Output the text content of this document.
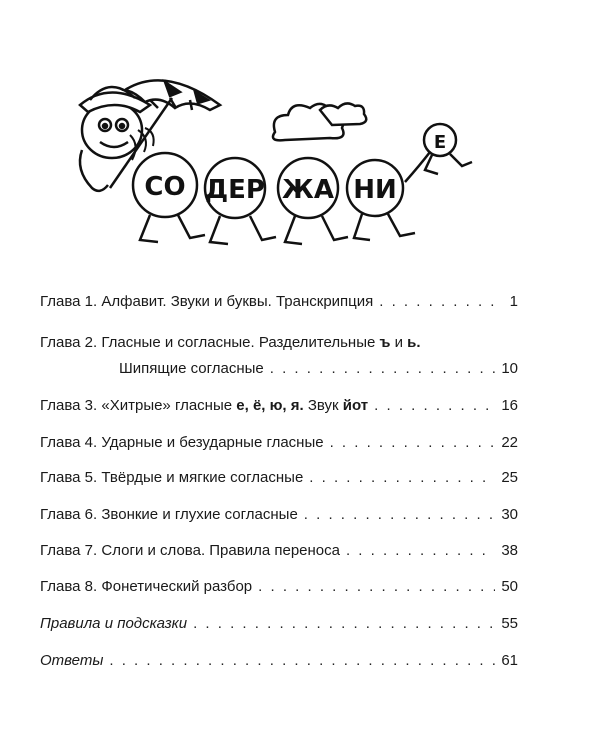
СО ДЕР ЖА НИ
Е
Глава 1. Алфавит. Звуки и буквы. Транскрипция . . .	1
Глава 2. Гласные и согласные. Разделительные ъ и ь.
Шипящие согласные . . .	10
Глава 3. «Хитрые» гласные е, ё, ю, я. Звук йот . . .	16
Глава 4. Ударные и безударные гласные . . .	22
Глава 5. Твёрдые и мягкие согласные . . .	25
Глава 6. Звонкие и глухие согласные . . .	30
Глава 7. Слоги и слова. Правила переноса . . .	38
Глава 8. Фонетический разбор . . .	50
Правила и подсказки . . .	55
Ответы . . .	61
